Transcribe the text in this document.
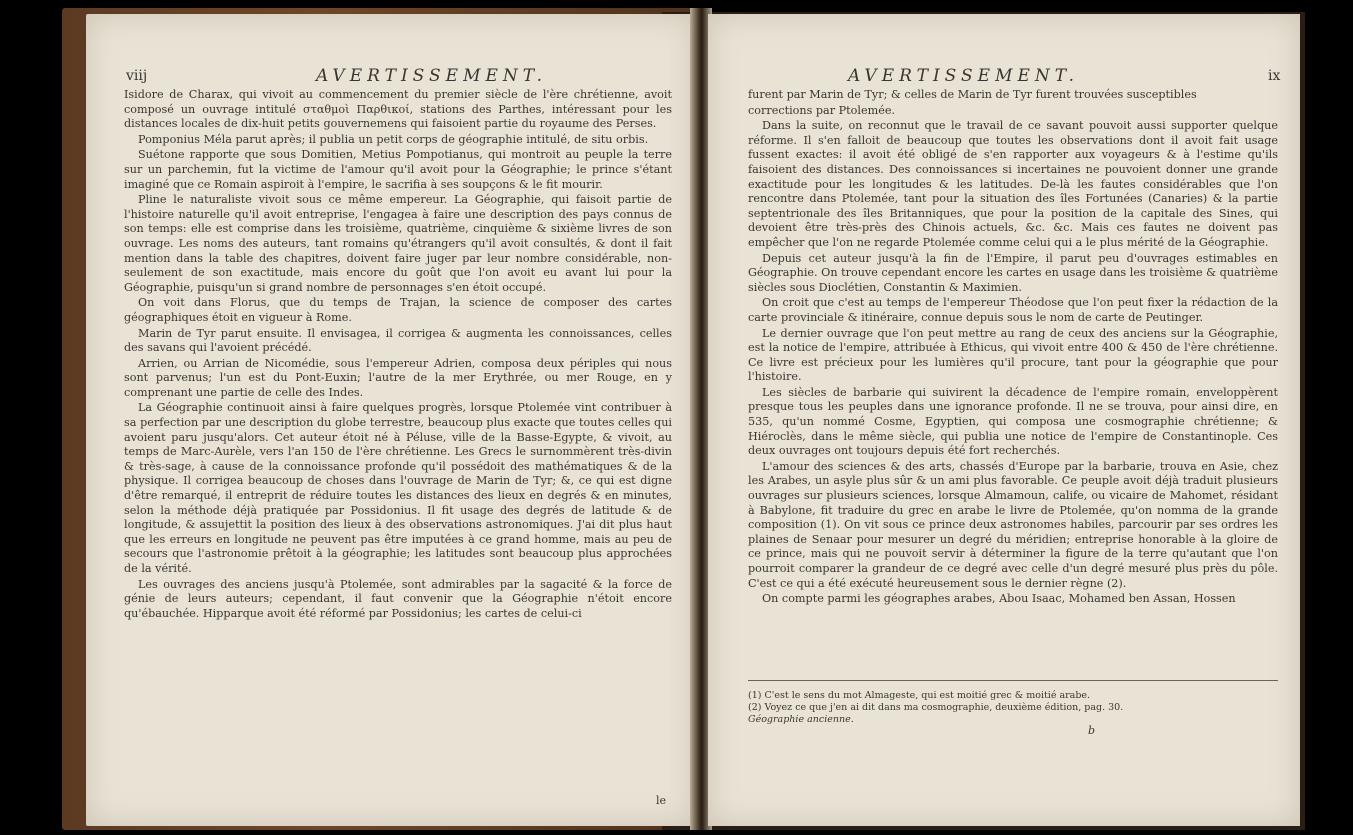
viij	AVERTISSEMENT.

Isidore de Charax, qui vivoit au commencement du premier siècle de l'ère chrétienne, avoit composé un ouvrage intitulé σταθμοὶ Παρθικοί, stations des Parthes, intéressant pour les distances locales de dix-huit petits gouvernemens qui faisoient partie du royaume des Perses.

Pomponius Méla parut après; il publia un petit corps de géographie intitulé, de situ orbis.

Suétone rapporte que sous Domitien, Metius Pompotianus, qui montroit au peuple la terre sur un parchemin, fut la victime de l'amour qu'il avoit pour la Géographie; le prince s'étant imaginé que ce Romain aspiroit à l'empire, le sacrifia à ses soupçons & le fit mourir.

Pline le naturaliste vivoit sous ce même empereur. La Géographie, qui faisoit partie de l'histoire naturelle qu'il avoit entreprise, l'engagea à faire une description des pays connus de son temps: elle est comprise dans les troisième, quatrième, cinquième & sixième livres de son ouvrage. Les noms des auteurs, tant romains qu'étrangers qu'il avoit consultés, & dont il fait mention dans la table des chapitres, doivent faire juger par leur nombre considérable, non-seulement de son exactitude, mais encore du goût que l'on avoit eu avant lui pour la Géographie, puisqu'un si grand nombre de personnages s'en étoit occupé.

On voit dans Florus, que du temps de Trajan, la science de composer des cartes géographiques étoit en vigueur à Rome.

Marin de Tyr parut ensuite. Il envisagea, il corrigea & augmenta les connoissances, celles des savans qui l'avoient précédé.

Arrien, ou Arrian de Nicomédie, sous l'empereur Adrien, composa deux périples qui nous sont parvenus; l'un est du Pont-Euxin; l'autre de la mer Erythrée, ou mer Rouge, en y comprenant une partie de celle des Indes.

La Géographie continuoit ainsi à faire quelques progrès, lorsque Ptolemée vint contribuer à sa perfection par une description du globe terrestre, beaucoup plus exacte que toutes celles qui avoient paru jusqu'alors. Cet auteur étoit né à Péluse, ville de la Basse-Egypte, & vivoit, au temps de Marc-Aurèle, vers l'an 150 de l'ère chrétienne. Les Grecs le surnommèrent très-divin & très-sage, à cause de la connoissance profonde qu'il possédoit des mathématiques & de la physique. Il corrigea beaucoup de choses dans l'ouvrage de Marin de Tyr; &, ce qui est digne d'être remarqué, il entreprit de réduire toutes les distances des lieux en degrés & en minutes, selon la méthode déjà pratiquée par Possidonius. Il fit usage des degrés de latitude & de longitude, & assujettit la position des lieux à des observations astronomiques. J'ai dit plus haut que les erreurs en longitude ne peuvent pas être imputées à ce grand homme, mais au peu de secours que l'astronomie prêtoit à la géographie; les latitudes sont beaucoup plus approchées de la vérité.

Les ouvrages des anciens jusqu'à Ptolemée, sont admirables par la sagacité & la force de génie de leurs auteurs; cependant, il faut convenir que la Géographie n'étoit encore qu'ébauchée. Hipparque avoit été réformé par Possidonius; les cartes de celui-ci

le
AVERTISSEMENT.	ix

furent par Marin de Tyr; & celles de Marin de Tyr furent trouvées susceptibles

corrections par Ptolemée.

Dans la suite, on reconnut que le travail de ce savant pouvoit aussi supporter quelque réforme. Il s'en falloit de beaucoup que toutes les observations dont il avoit fait usage fussent exactes: il avoit été obligé de s'en rapporter aux voyageurs & à l'estime qu'ils faisoient des distances. Des connoissances si incertaines ne pouvoient donner une grande exactitude pour les longitudes & les latitudes. De-là les fautes considérables que l'on rencontre dans Ptolemée, tant pour la situation des îles Fortunées (Canaries) & la partie septentrionale des îles Britanniques, que pour la position de la capitale des Sines, qui devoient être très-près des Chinois actuels, &c. &c. Mais ces fautes ne doivent pas empêcher que l'on ne regarde Ptolemée comme celui qui a le plus mérité de la Géographie.

Depuis cet auteur jusqu'à la fin de l'Empire, il parut peu d'ouvrages estimables en Géographie. On trouve cependant encore les cartes en usage dans les troisième & quatrième siècles sous Dioclétien, Constantin & Maximien.

On croit que c'est au temps de l'empereur Théodose que l'on peut fixer la rédaction de la carte provinciale & itinéraire, connue depuis sous le nom de carte de Peutinger.

Le dernier ouvrage que l'on peut mettre au rang de ceux des anciens sur la Géographie, est la notice de l'empire, attribuée à Ethicus, qui vivoit entre 400 & 450 de l'ère chrétienne. Ce livre est précieux pour les lumières qu'il procure, tant pour la géographie que pour l'histoire.

Les siècles de barbarie qui suivirent la décadence de l'empire romain, enveloppèrent presque tous les peuples dans une ignorance profonde. Il ne se trouva, pour ainsi dire, en 535, qu'un nommé Cosme, Egyptien, qui composa une cosmographie chrétienne; & Hiéroclès, dans le même siècle, qui publia une notice de l'empire de Constantinople. Ces deux ouvrages ont toujours depuis été fort recherchés.

L'amour des sciences & des arts, chassés d'Europe par la barbarie, trouva en Asie, chez les Arabes, un asyle plus sûr & un ami plus favorable. Ce peuple avoit déjà traduit plusieurs ouvrages sur plusieurs sciences, lorsque Almamoun, calife, ou vicaire de Mahomet, résidant à Babylone, fit traduire du grec en arabe le livre de Ptolemée, qu'on nomma de la grande composition (1). On vit sous ce prince deux astronomes habiles, parcourir par ses ordres les plaines de Senaar pour mesurer un degré du méridien; entreprise honorable à la gloire de ce prince, mais qui ne pouvoit servir à déterminer la figure de la terre qu'autant que l'on pourroit comparer la grandeur de ce degré avec celle d'un degré mesuré plus près du pôle. C'est ce qui a été exécuté heureusement sous le dernier règne (2).

On compte parmi les géographes arabes, Abou Isaac, Mohamed ben Assan, Hossen

(1) C'est le sens du mot Almageste, qui est moitié grec & moitié arabe.

(2) Voyez ce que j'en ai dit dans ma cosmographie, deuxième édition, pag. 30.

Géographie ancienne.

b
